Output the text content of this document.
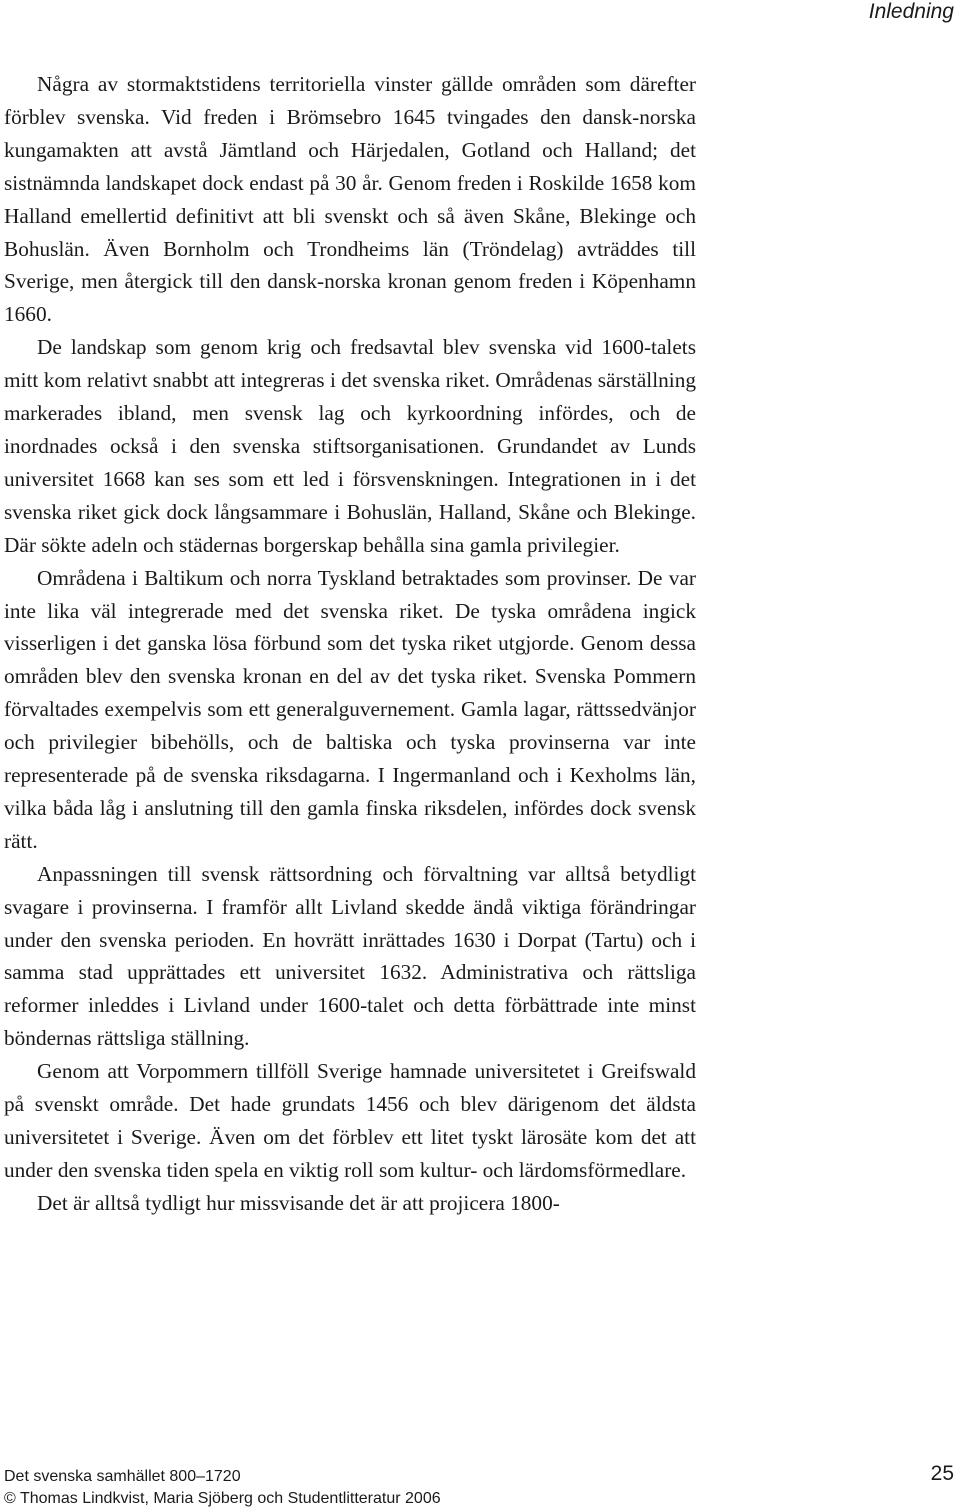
Inledning

Några av stormaktstidens territoriella vinster gällde områden som därefter förblev svenska. Vid freden i Brömsebro 1645 tvingades den dansk-norska kungamakten att avstå Jämtland och Härjedalen, Gotland och Halland; det sistnämnda landskapet dock endast på 30 år. Genom freden i Roskilde 1658 kom Halland emellertid definitivt att bli svenskt och så även Skåne, Blekinge och Bohuslän. Även Bornholm och Trondheims län (Tröndelag) avträddes till Sverige, men återgick till den dansk-norska kronan genom freden i Köpenhamn 1660.

De landskap som genom krig och fredsavtal blev svenska vid 1600-talets mitt kom relativt snabbt att integreras i det svenska riket. Områdenas särställning markerades ibland, men svensk lag och kyrkoordning infördes, och de inordnades också i den svenska stiftsorganisationen. Grundandet av Lunds universitet 1668 kan ses som ett led i försvenskningen. Integrationen in i det svenska riket gick dock långsammare i Bohuslän, Halland, Skåne och Blekinge. Där sökte adeln och städernas borgerskap behålla sina gamla privilegier.

Områdena i Baltikum och norra Tyskland betraktades som provinser. De var inte lika väl integrerade med det svenska riket. De tyska områdena ingick visserligen i det ganska lösa förbund som det tyska riket utgjorde. Genom dessa områden blev den svenska kronan en del av det tyska riket. Svenska Pommern förvaltades exempelvis som ett generalguvernement. Gamla lagar, rättssedvänjor och privilegier bibehölls, och de baltiska och tyska provinserna var inte representerade på de svenska riksdagarna. I Ingermanland och i Kexholms län, vilka båda låg i anslutning till den gamla finska riksdelen, infördes dock svensk rätt.

Anpassningen till svensk rättsordning och förvaltning var alltså betydligt svagare i provinserna. I framför allt Livland skedde ändå viktiga förändringar under den svenska perioden. En hovrätt inrättades 1630 i Dorpat (Tartu) och i samma stad upprättades ett universitet 1632. Administrativa och rättsliga reformer inleddes i Livland under 1600-talet och detta förbättrade inte minst böndernas rättsliga ställning.

Genom att Vorpommern tillföll Sverige hamnade universitetet i Greifswald på svenskt område. Det hade grundats 1456 och blev därigenom det äldsta universitetet i Sverige. Även om det förblev ett litet tyskt lärosäte kom det att under den svenska tiden spela en viktig roll som kultur- och lärdomsförmedlare.

Det är alltså tydligt hur missvisande det är att projicera 1800-

Det svenska samhället 800–1720
© Thomas Lindkvist, Maria Sjöberg och Studentlitteratur 2006
25
